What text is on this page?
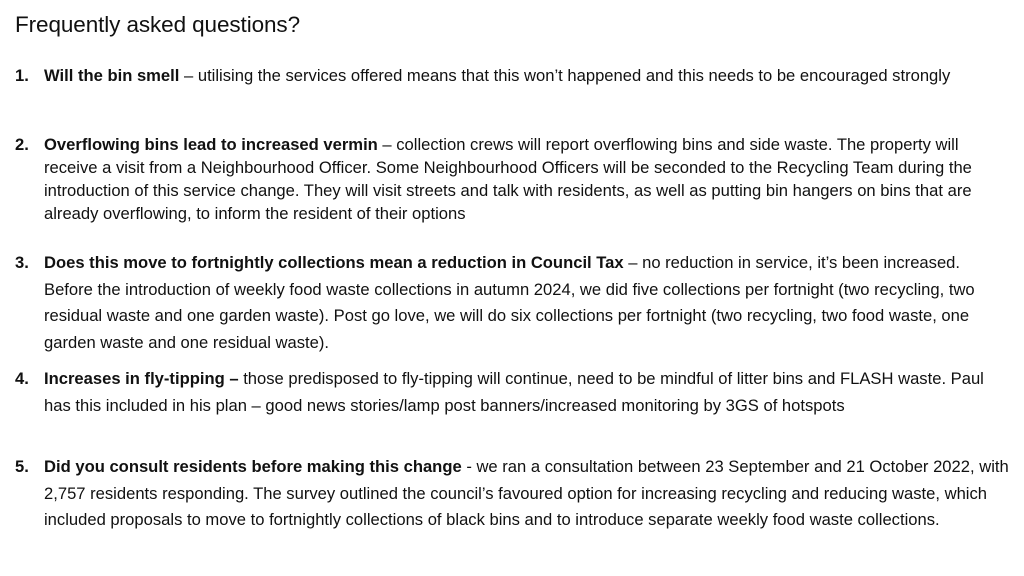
Frequently asked questions?
1. Will the bin smell – utilising the services offered means that this won’t happened and this needs to be encouraged strongly
2. Overflowing bins lead to increased vermin – collection crews will report overflowing bins and side waste. The property will receive a visit from a Neighbourhood Officer. Some Neighbourhood Officers will be seconded to the Recycling Team during the introduction of this service change. They will visit streets and talk with residents, as well as putting bin hangers on bins that are already overflowing, to inform the resident of their options
3. Does this move to fortnightly collections mean a reduction in Council Tax – no reduction in service, it’s been increased. Before the introduction of weekly food waste collections in autumn 2024, we did five collections per fortnight (two recycling, two residual waste and one garden waste). Post go love, we will do six collections per fortnight (two recycling, two food waste, one garden waste and one residual waste).
4. Increases in fly-tipping – those predisposed to fly-tipping will continue, need to be mindful of litter bins and FLASH waste. Paul has this included in his plan – good news stories/lamp post banners/increased monitoring by 3GS of hotspots
5. Did you consult residents before making this change - we ran a consultation between 23 September and 21 October 2022, with 2,757 residents responding. The survey outlined the council’s favoured option for increasing recycling and reducing waste, which included proposals to move to fortnightly collections of black bins and to introduce separate weekly food waste collections.
